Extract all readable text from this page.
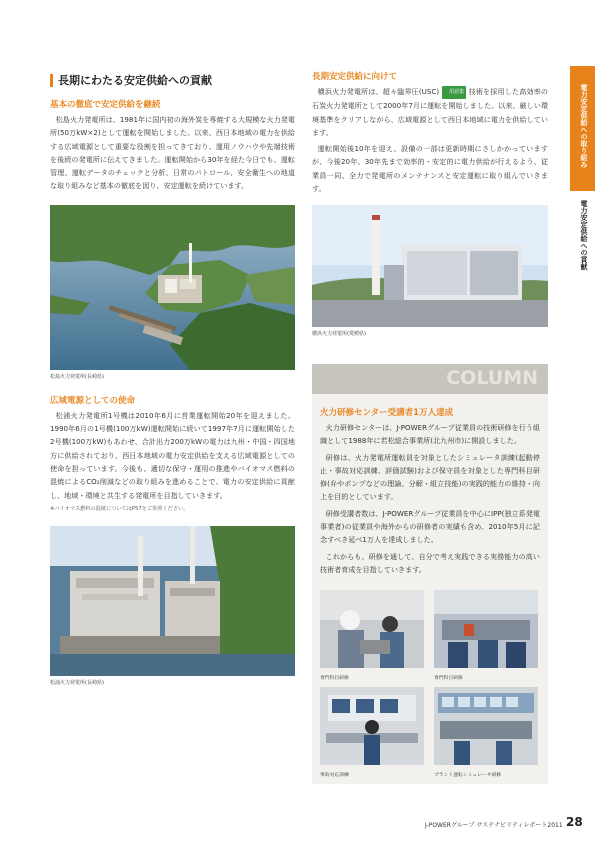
長期にわたる安定供給への貢献
基本の徹底で安定供給を継続

松島火力発電所は、1981年に国内初の海外炭を専焼する大規模な火力発電所(50万kW×2)として運転を開始しました。以来、西日本地域の電力を供給する広域電源として重要な役割を担ってきており、運用ノウハウや先端技術を後続の発電所に伝えてきました。運転開始から30年を経た今日でも、運転管理、運転データのチェックと分析、日常のパトロール、安全衛生への地道な取り組みなど基本の徹底を図り、安定運転を続けています。

松島火力発電所(長崎県)
広域電源としての使命

松浦火力発電所1号機は2010年6月に営業運転開始20年を迎えました。1990年6月の1号機(100万kW)運転開始に続いて1997年7月に運転開始した2号機(100万kW)もあわせ、合計出力200万kWの電力は九州・中国・四国地方に供給されており、西日本地域の電力安定供給を支える広域電源としての使命を担っています。今後も、適切な保守・運用の推進やバイオマス燃料の混焼によるCO₂削減などの取り組みを進めることで、電力の安定供給に貢献し、地域・環境と共生する発電所を目指していきます。

※バイオマス燃料の混焼についてはP57をご参照ください。
松浦火力発電所(長崎県)
長期安定供給に向けて

横浜火力発電所は、超々臨界圧(USC) 用語集 技術を採用した高効率の石炭火力発電所として2000年7月に運転を開始しました。以来、厳しい環境基準をクリアしながら、広域電源として西日本地域に電力を供給しています。

運転開始後10年を迎え、設備の一部は更新時期にさしかかっていますが、今後20年、30年先まで効率的・安定的に電力供給が行えるよう、従業員一同、全力で発電所のメンテナンスと安定運転に取り組んでいきます。

横浜火力発電所(愛媛県)
COLUMN
火力研修センター受講者1万人達成

火力研修センターは、J-POWERグループ従業員の技術研修を行う組織として1988年に若松総合事業所(北九州市)に開設しました。

研修は、火力発電所運転員を対象としたシミュレータ訓練(起動停止・事故対応訓練、評価試験)および保守員を対象とした専門科目研修(弁やポンプなどの理論、分解・組立技能)の実践的能力の維持・向上を目的としています。

研修受講者数は、J-POWERグループ従業員を中心にIPP(独立系発電事業者)の従業員や海外からの研修者の実績も含め、2010年5月に記念すべき延べ1万人を達成しました。

これからも、研修を通して、自分で考え実践できる実務能力の高い技術者育成を目指していきます。

専門科目研修	専門科目研修
事故対応訓練	プラント運転シミュレータ研修
電力安定供給への取り組み
電力安定供給への貢献
J-POWERグループ サステナビリティレポート2011 28
